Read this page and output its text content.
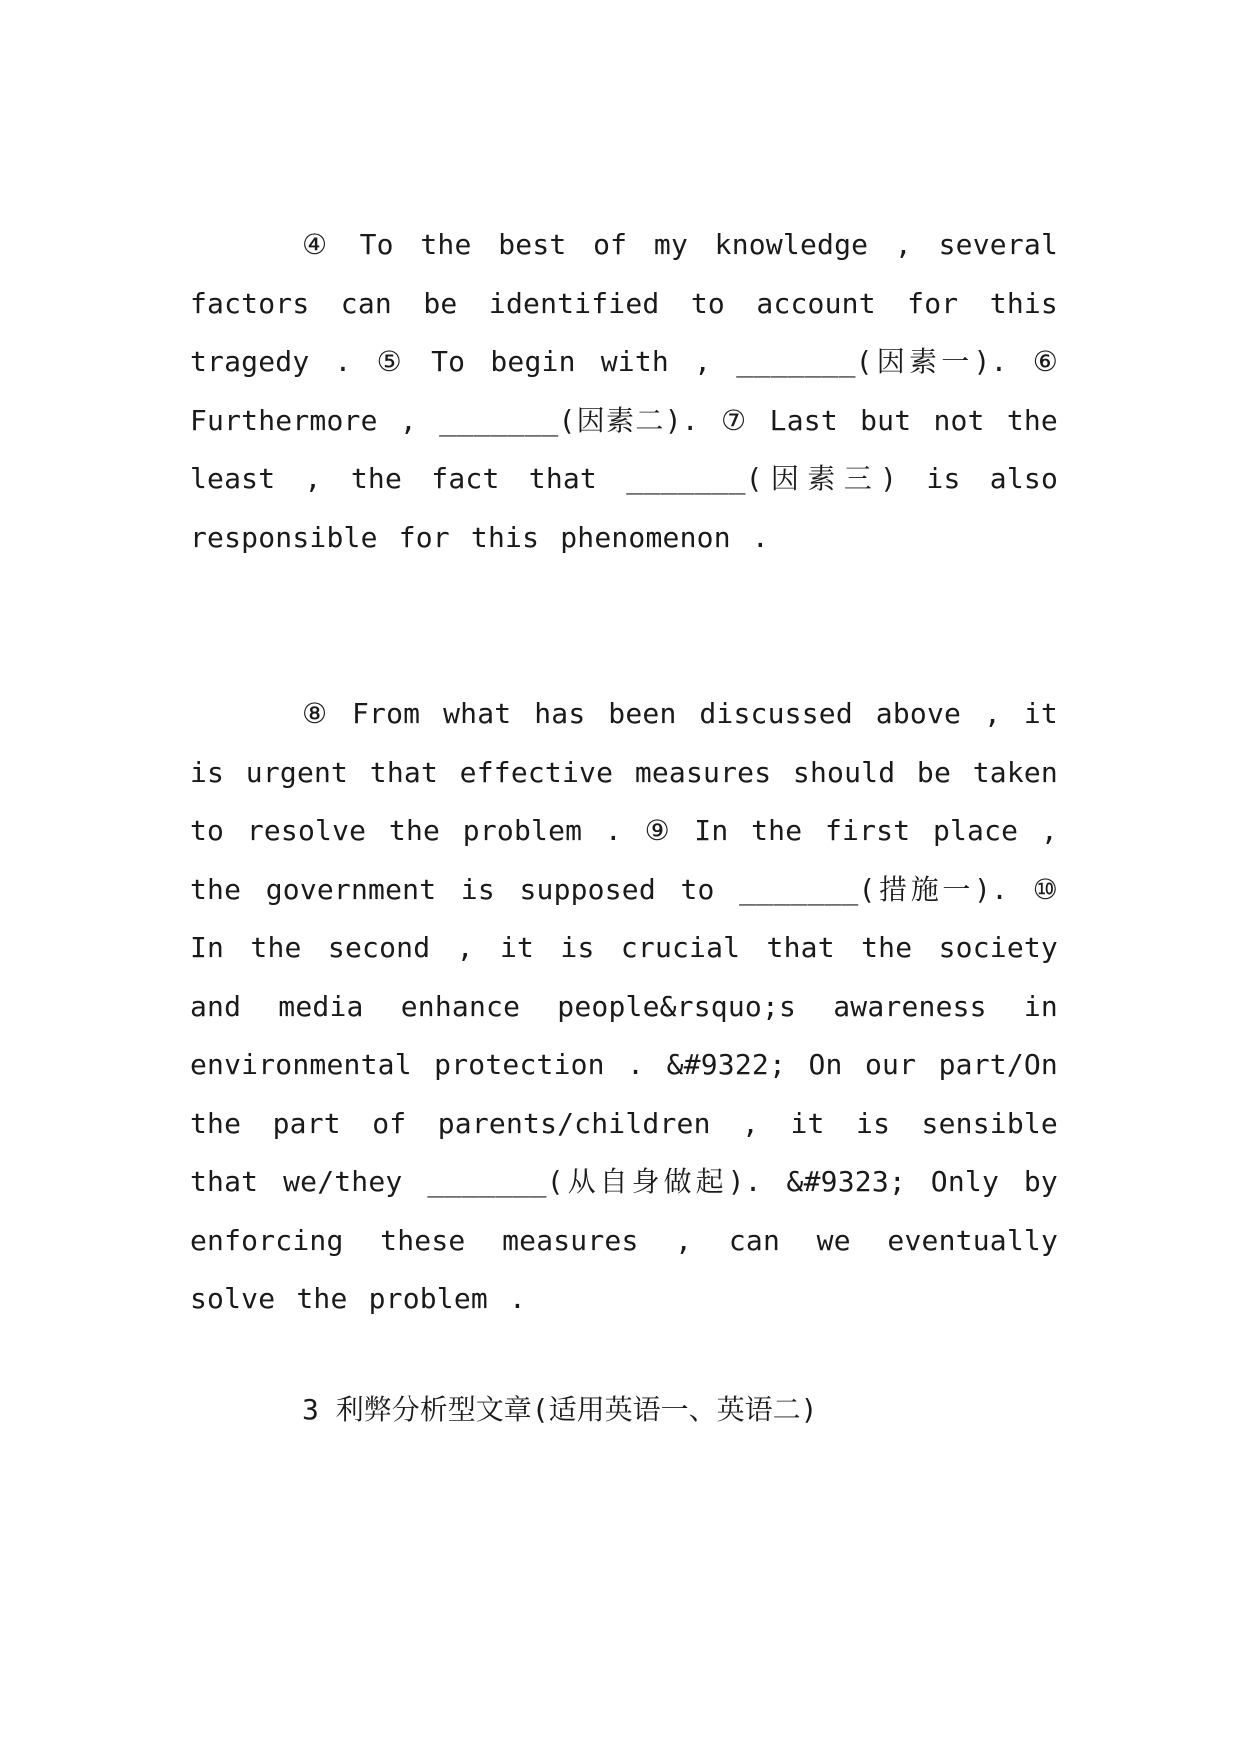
④ To the best of my knowledge , several factors can be identified to account for this tragedy . ⑤ To begin with , _______(因素一). ⑥ Furthermore , _______(因素二). ⑦ Last but not the least , the fact that _______(因素三) is also responsible for this phenomenon .

⑧ From what has been discussed above , it is urgent that effective measures should be taken to resolve the problem . ⑨ In the first place , the government is supposed to _______(措施一). ⑩ In the second , it is crucial that the society and media enhance people&rsquo;s awareness in environmental protection . &#9322; On our part/On the part of parents/children , it is sensible that we/they _______(从自身做起). &#9323; Only by enforcing these measures , can we eventually solve the problem .

3 利弊分析型文章(适用英语一、英语二)
